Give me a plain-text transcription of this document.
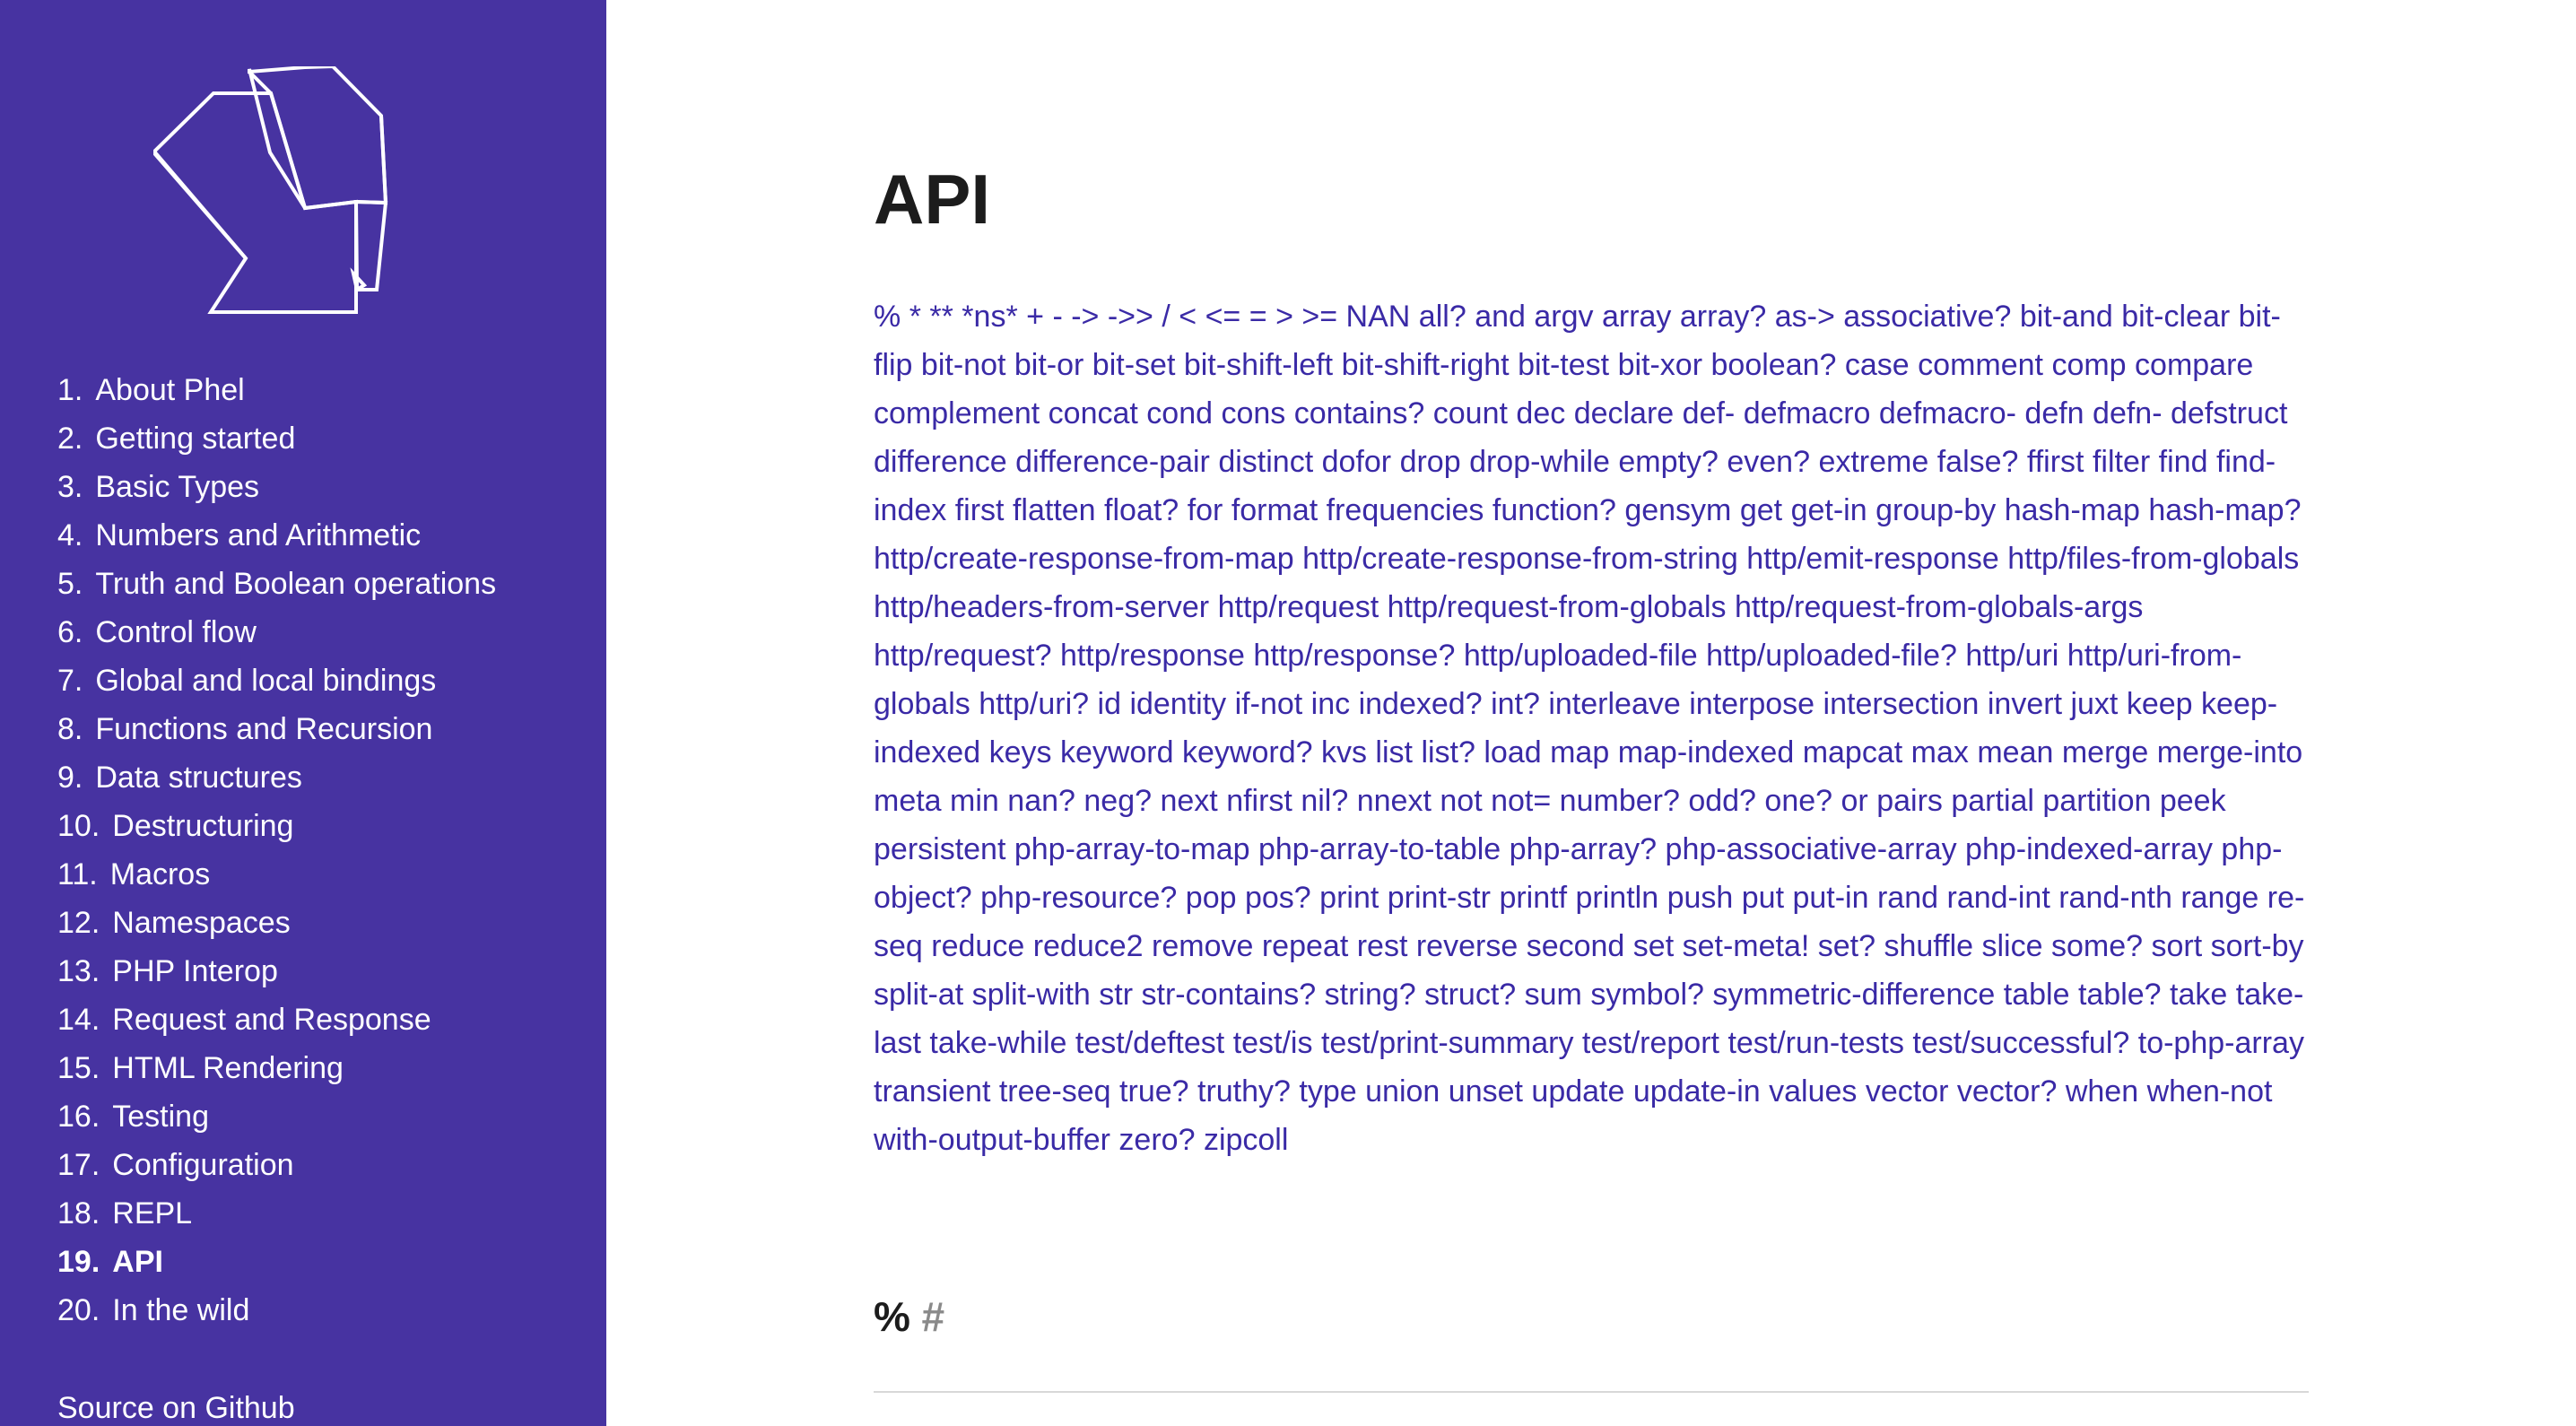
1. About Phel
2. Getting started
3. Basic Types
4. Numbers and Arithmetic
5. Truth and Boolean operations
6. Control flow
7. Global and local bindings
8. Functions and Recursion
9. Data structures
10. Destructuring
11. Macros
12. Namespaces
13. PHP Interop
14. Request and Response
15. HTML Rendering
16. Testing
17. Configuration
18. REPL
19. API
20. In the wild
Source on Github
API
% * ** *ns* + - -> ->> / < <= = > >= NAN all? and argv array array? as-> associative? bit-and bit-clear bit-flip bit-not bit-or bit-set bit-shift-left bit-shift-right bit-test bit-xor boolean? case comment comp compare complement concat cond cons contains? count dec declare def- defmacro defmacro- defn defn- defstruct difference difference-pair distinct dofor drop drop-while empty? even? extreme false? ffirst filter find find-index first flatten float? for format frequencies function? gensym get get-in group-by hash-map hash-map? http/create-response-from-map http/create-response-from-string http/emit-response http/files-from-globals http/headers-from-server http/request http/request-from-globals http/request-from-globals-args http/request? http/response http/response? http/uploaded-file http/uploaded-file? http/uri http/uri-from-globals http/uri? id identity if-not inc indexed? int? interleave interpose intersection invert juxt keep keep-indexed keys keyword keyword? kvs list list? load map map-indexed mapcat max mean merge merge-into meta min nan? neg? next nfirst nil? nnext not not= number? odd? one? or pairs partial partition peek persistent php-array-to-map php-array-to-table php-array? php-associative-array php-indexed-array php-object? php-resource? pop pos? print print-str printf println push put put-in rand rand-int rand-nth range re-seq reduce reduce2 remove repeat rest reverse second set set-meta! set? shuffle slice some? sort sort-by split-at split-with str str-contains? string? struct? sum symbol? symmetric-difference table table? take take-last take-while test/deftest test/is test/print-summary test/report test/run-tests test/successful? to-php-array transient tree-seq true? truthy? type union unset update update-in values vector vector? when when-not with-output-buffer zero? zipcoll
% #
